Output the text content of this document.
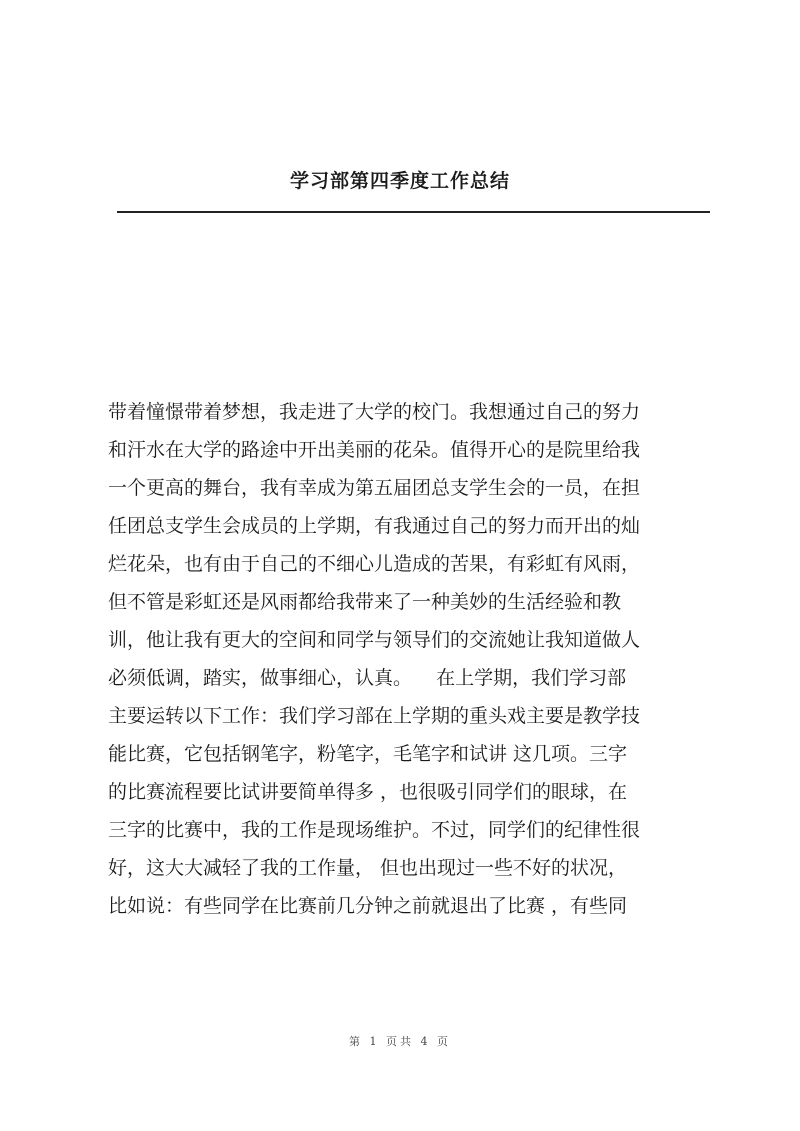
学习部第四季度工作总结
带着憧憬带着梦想，我走进了大学的校门。我想通过自己的努力
和汗水在大学的路途中开出美丽的花朵。值得开心的是院里给我
一个更高的舞台，我有幸成为第五届团总支学生会的一员，在担
任团总支学生会成员的上学期，有我通过自己的努力而开出的灿
烂花朵，也有由于自己的不细心儿造成的苦果，有彩虹有风雨，
但不管是彩虹还是风雨都给我带来了一种美妙的生活经验和教
训，他让我有更大的空间和同学与领导们的交流她让我知道做人
必须低调，踏实，做事细心，认真。    在上学期，我们学习部
主要运转以下工作：我们学习部在上学期的重头戏主要是教学技
能比赛，它包括钢笔字，粉笔字，毛笔字和试讲 这几项。三字
的比赛流程要比试讲要简单得多 ，也很吸引同学们的眼球，在
三字的比赛中，我的工作是现场维护。不过，同学们的纪律性很
好，这大大减轻了我的工作量， 但也出现过一些不好的状况，
比如说：有些同学在比赛前几分钟之前就退出了比赛 ，有些同
第 1 页共 4 页
